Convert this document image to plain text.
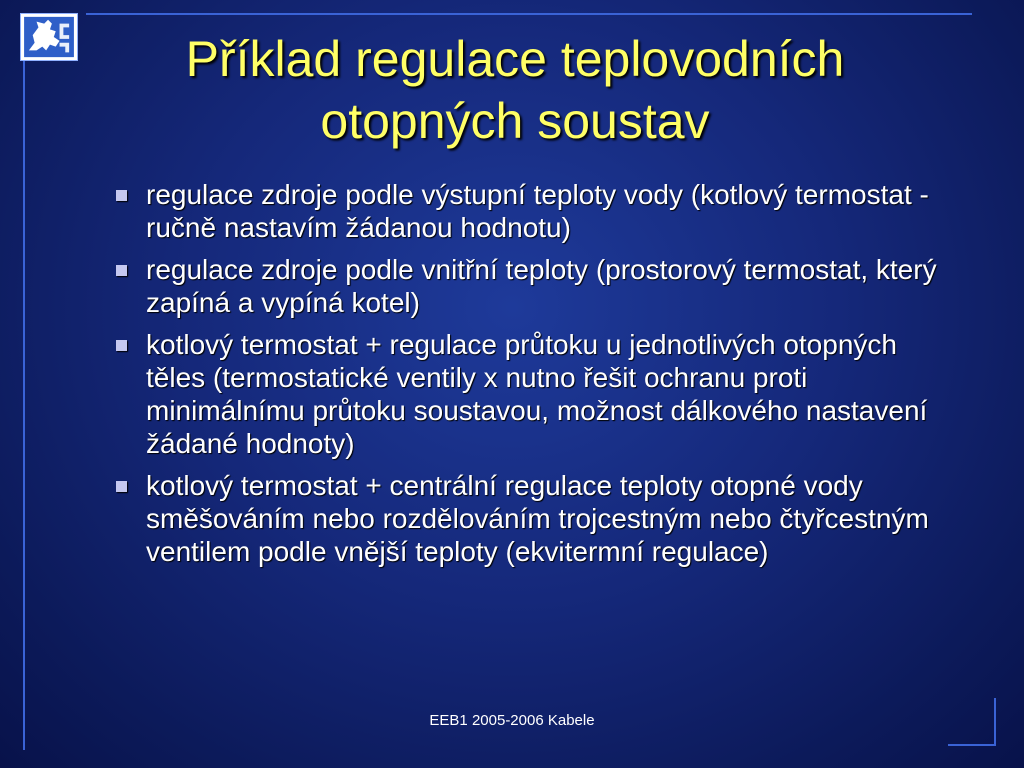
Příklad regulace teplovodních
otopných soustav
regulace zdroje podle výstupní teploty vody (kotlový termostat - ručně nastavím žádanou hodnotu)
regulace zdroje podle vnitřní teploty (prostorový termostat, který zapíná a vypíná kotel)
kotlový termostat + regulace průtoku u jednotlivých otopných těles (termostatické ventily x nutno řešit ochranu proti minimálnímu průtoku soustavou, možnost dálkového nastavení žádané hodnoty)
kotlový termostat + centrální regulace teploty otopné vody směšováním nebo rozdělováním trojcestným nebo čtyřcestným ventilem podle vnější teploty (ekvitermní regulace)
EEB1 2005-2006 Kabele
